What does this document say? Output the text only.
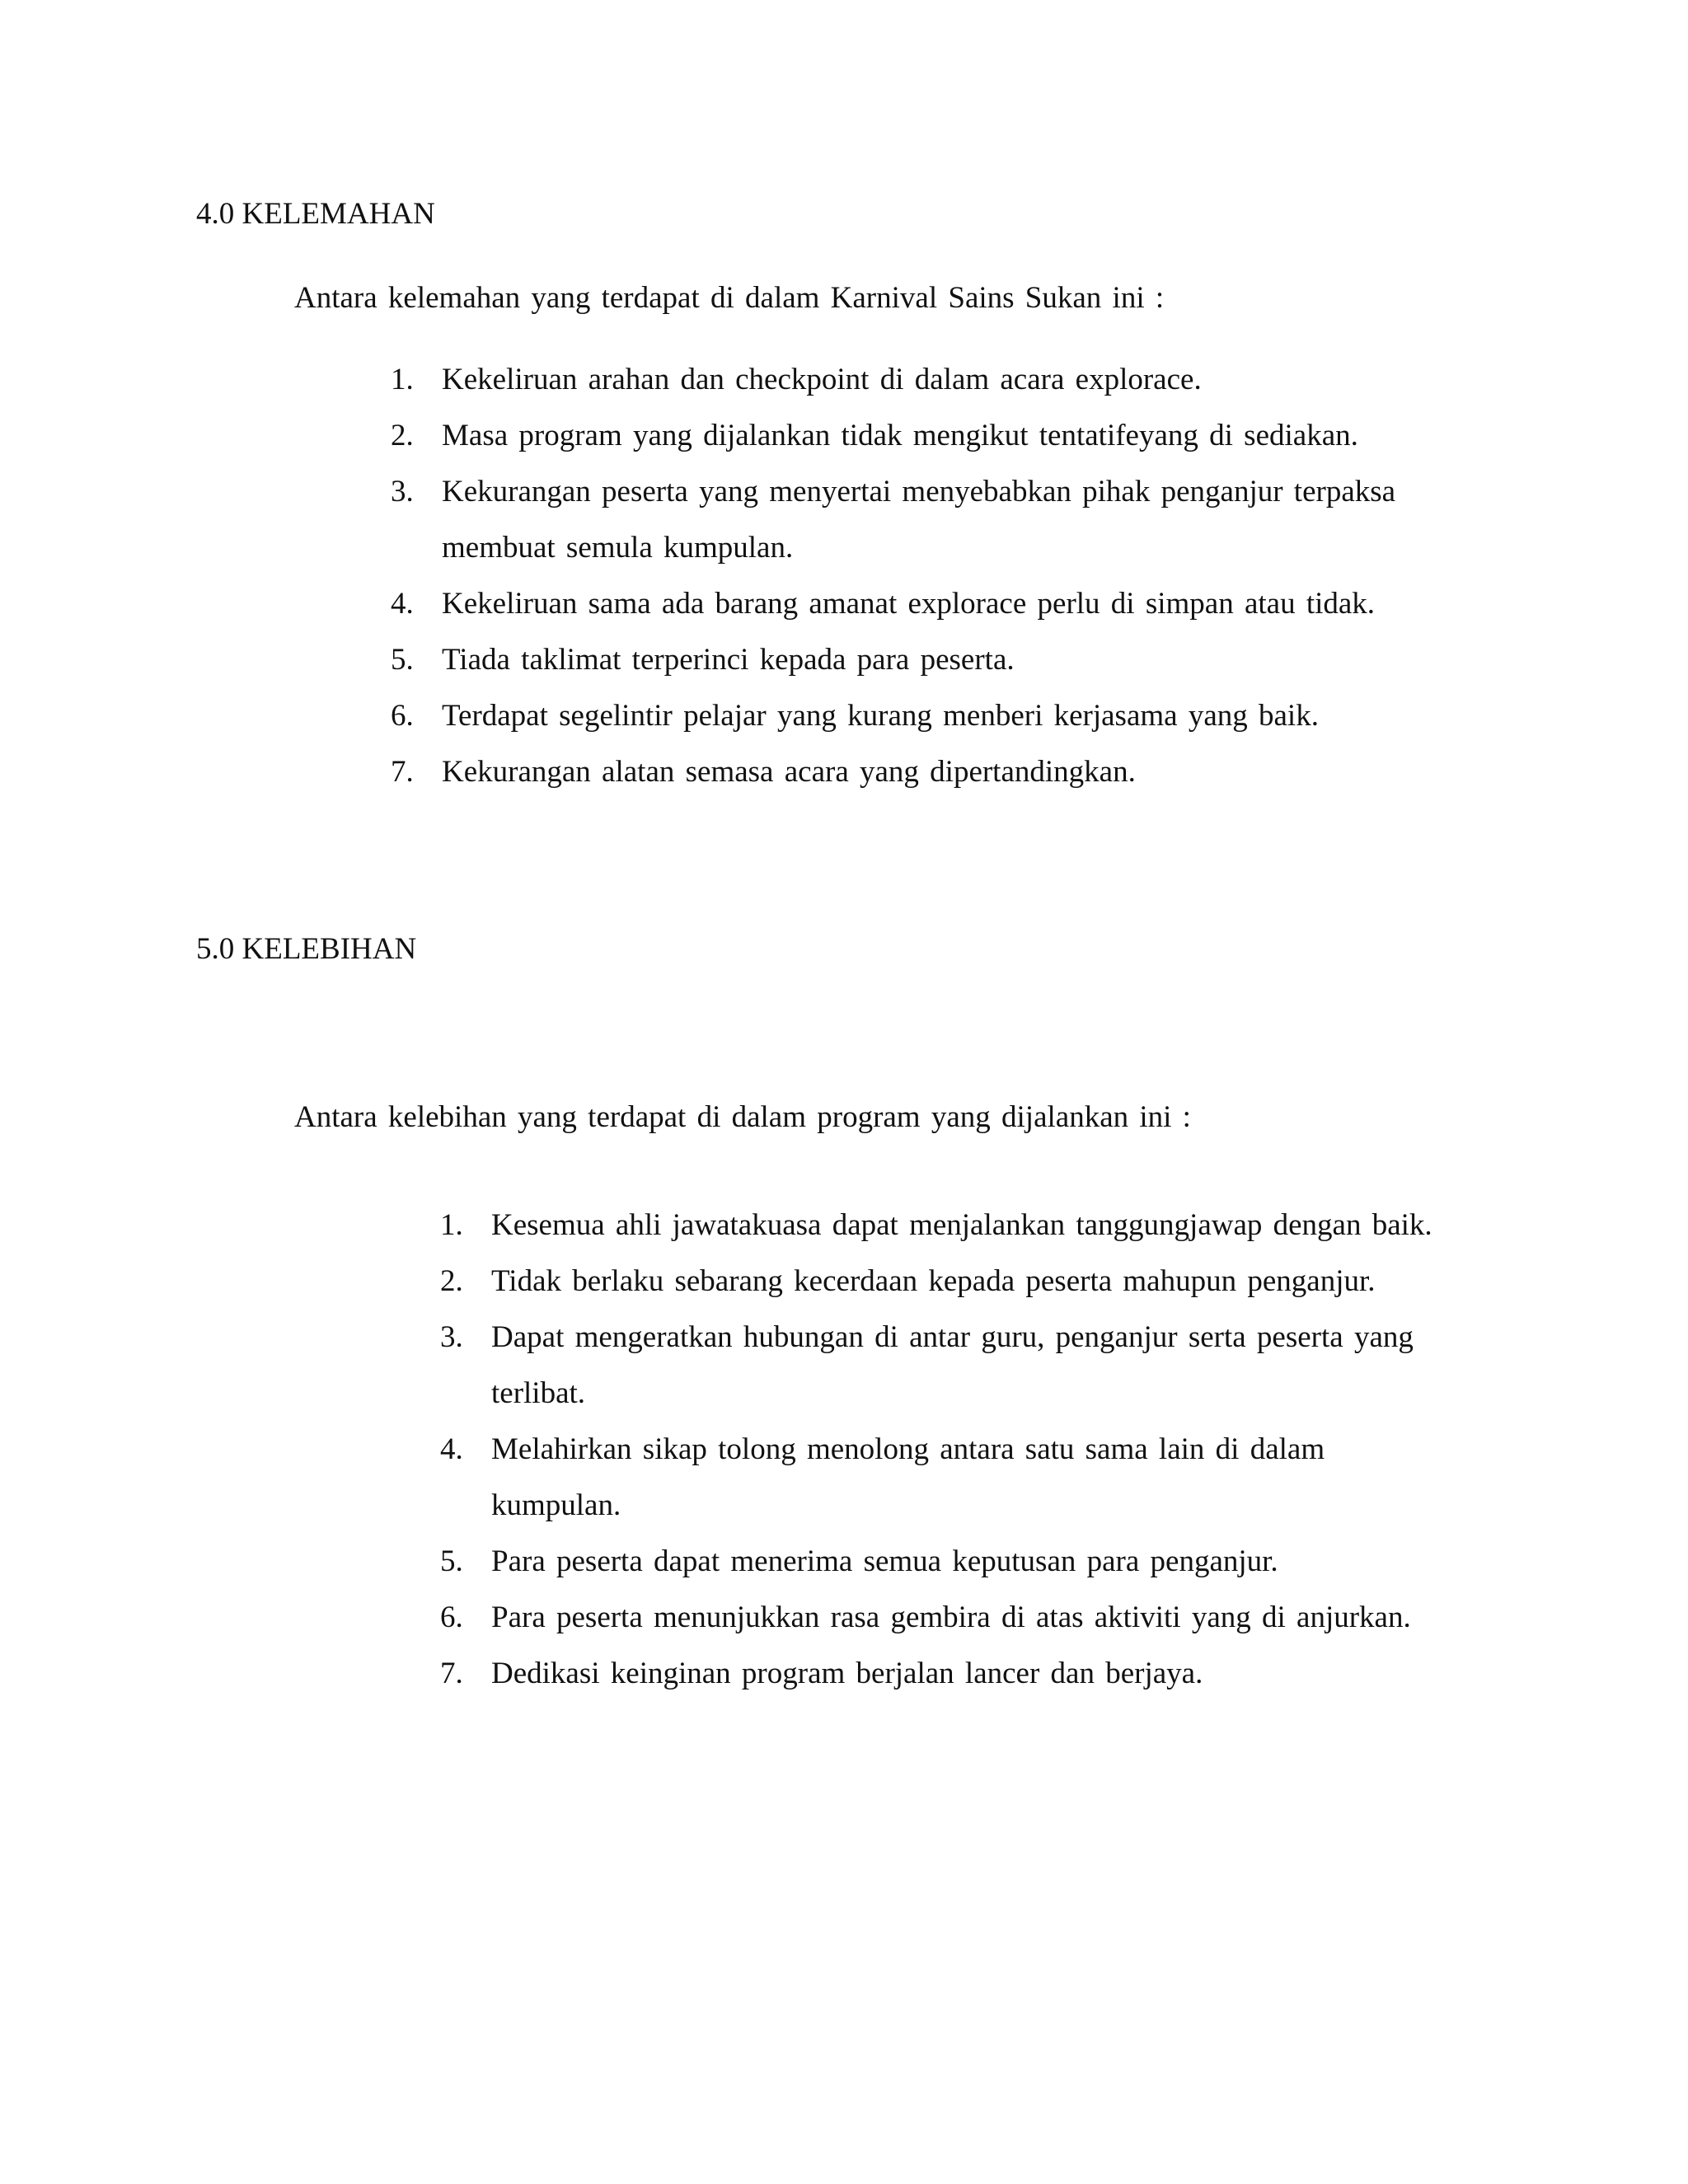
4.0 KELEMAHAN
Antara kelemahan yang terdapat di dalam Karnival Sains Sukan ini :
1. Kekeliruan arahan dan checkpoint di dalam acara explorace.
2. Masa program yang dijalankan tidak mengikut tentatifeyang di sediakan.
3. Kekurangan peserta yang menyertai menyebabkan pihak penganjur terpaksa membuat semula kumpulan.
4. Kekeliruan sama ada barang amanat explorace perlu di simpan atau tidak.
5. Tiada taklimat terperinci kepada para peserta.
6. Terdapat segelintir pelajar yang kurang menberi kerjasama yang baik.
7. Kekurangan alatan semasa acara yang dipertandingkan.
5.0 KELEBIHAN
Antara kelebihan yang terdapat di dalam program yang dijalankan ini :
1. Kesemua ahli jawatakuasa dapat menjalankan tanggungjawap dengan baik.
2. Tidak berlaku sebarang kecerdaan kepada peserta mahupun penganjur.
3. Dapat mengeratkan hubungan di antar guru, penganjur serta peserta yang terlibat.
4. Melahirkan sikap tolong menolong antara satu sama lain di dalam kumpulan.
5. Para peserta dapat menerima semua keputusan para penganjur.
6. Para peserta menunjukkan rasa gembira di atas aktiviti yang di anjurkan.
7. Dedikasi keinginan program berjalan lancer dan berjaya.
